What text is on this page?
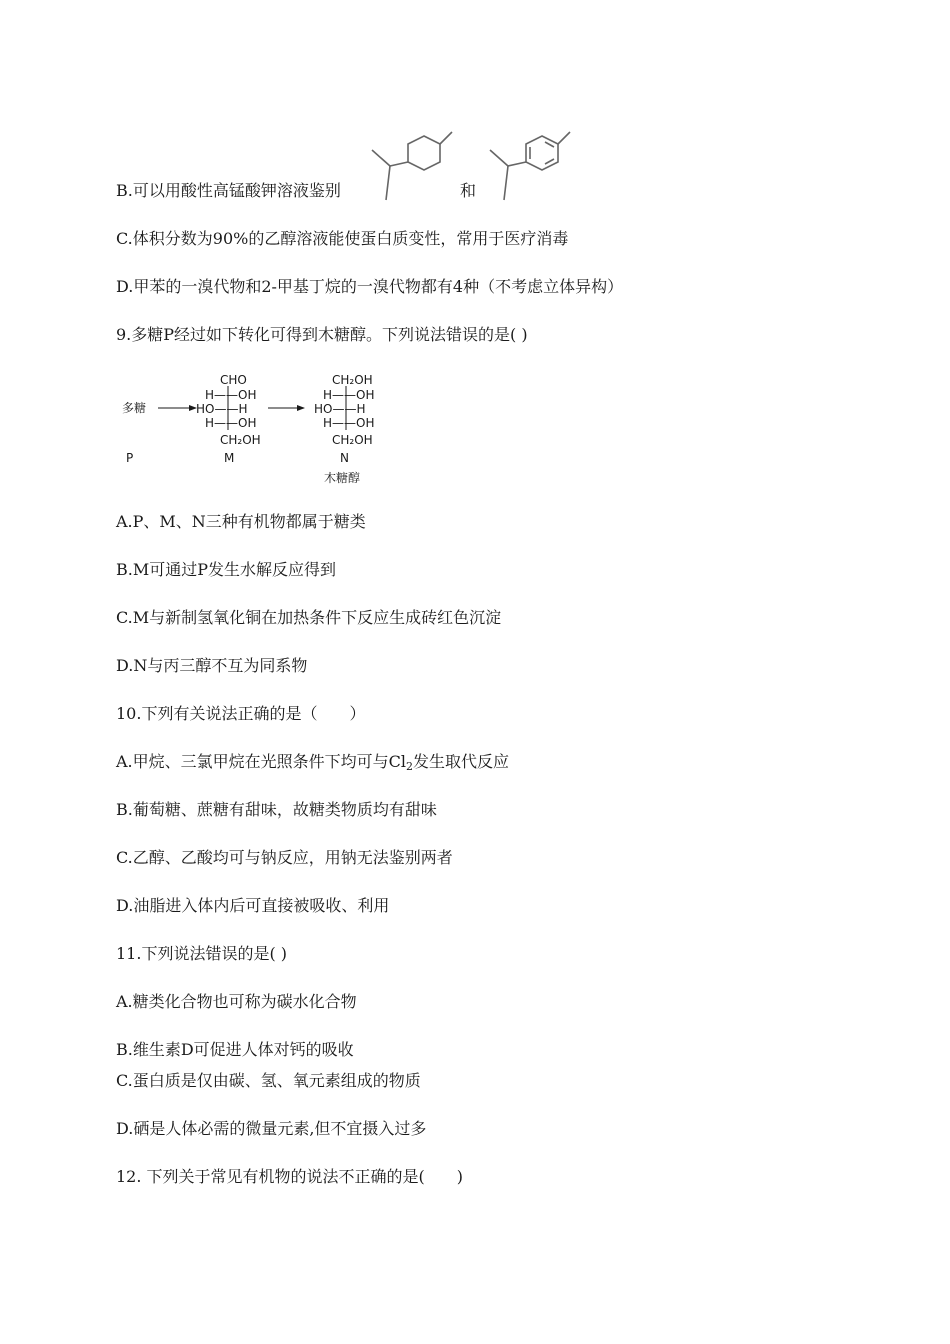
B.可以用酸性高锰酸钾溶液鉴别	和
C.体积分数为90%的乙醇溶液能使蛋白质变性，常用于医疗消毒
D.甲苯的一溴代物和2-甲基丁烷的一溴代物都有4种（不考虑立体异构）
9.多糖P经过如下转化可得到木糖醇。下列说法错误的是( )
多糖
CHO
H——OH
HO——H
H——OH
CH₂OH
CH₂OH
H——OH
HO——H
H——OH
CH₂OH
P	M	N
木糖醇
A.P、M、N三种有机物都属于糖类
B.M可通过P发生水解反应得到
C.M与新制氢氧化铜在加热条件下反应生成砖红色沉淀
D.N与丙三醇不互为同系物
10.下列有关说法正确的是（　　）
A.甲烷、三氯甲烷在光照条件下均可与$Cl_2$发生取代反应
B.葡萄糖、蔗糖有甜味，故糖类物质均有甜味
C.乙醇、乙酸均可与钠反应，用钠无法鉴别两者
D.油脂进入体内后可直接被吸收、利用
11.下列说法错误的是( )
A.糖类化合物也可称为碳水化合物
B.维生素D可促进人体对钙的吸收
C.蛋白质是仅由碳、氢、氧元素组成的物质
D.硒是人体必需的微量元素,但不宜摄入过多
12. 下列关于常见有机物的说法不正确的是(　　)
